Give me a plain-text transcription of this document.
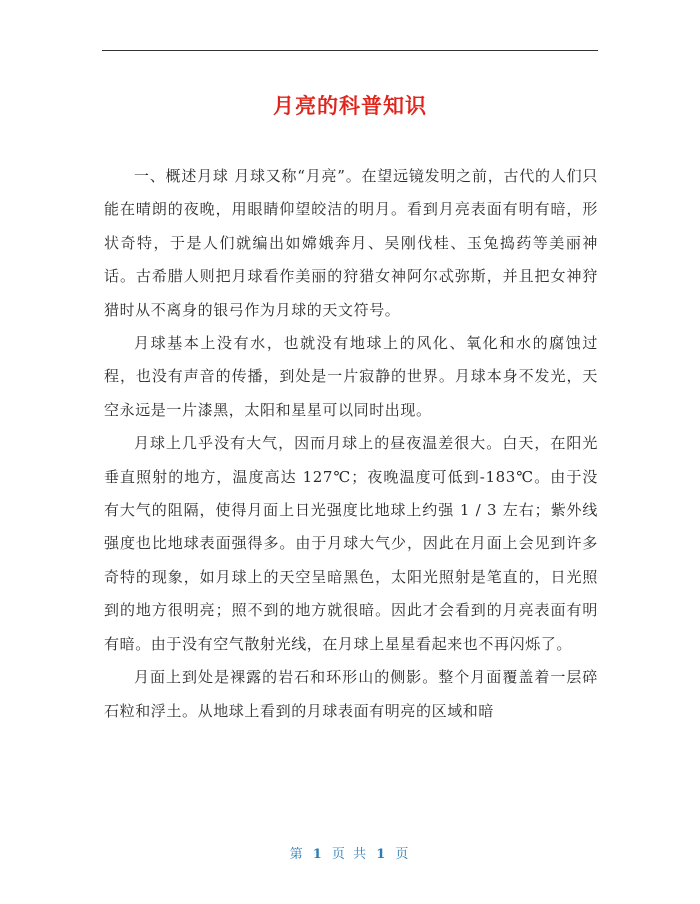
月亮的科普知识

一、概述月球 月球又称“月亮”。在望远镜发明之前，古代的人们只能在晴朗的夜晚，用眼睛仰望皎洁的明月。看到月亮表面有明有暗，形状奇特，于是人们就编出如嫦娥奔月、吴刚伐桂、玉兔捣药等美丽神话。古希腊人则把月球看作美丽的狩猎女神阿尔忒弥斯，并且把女神狩猎时从不离身的银弓作为月球的天文符号。

月球基本上没有水，也就没有地球上的风化、氧化和水的腐蚀过程，也没有声音的传播，到处是一片寂静的世界。月球本身不发光，天空永远是一片漆黑，太阳和星星可以同时出现。

月球上几乎没有大气，因而月球上的昼夜温差很大。白天，在阳光垂直照射的地方，温度高达 127℃；夜晚温度可低到-183℃。由于没有大气的阻隔，使得月面上日光强度比地球上约强 1 / 3 左右；紫外线强度也比地球表面强得多。由于月球大气少，因此在月面上会见到许多奇特的现象，如月球上的天空呈暗黑色，太阳光照射是笔直的，日光照到的地方很明亮；照不到的地方就很暗。因此才会看到的月亮表面有明有暗。由于没有空气散射光线，在月球上星星看起来也不再闪烁了。

月面上到处是裸露的岩石和环形山的侧影。整个月面覆盖着一层碎石粒和浮土。从地球上看到的月球表面有明亮的区域和暗

第 1 页 共 1 页
